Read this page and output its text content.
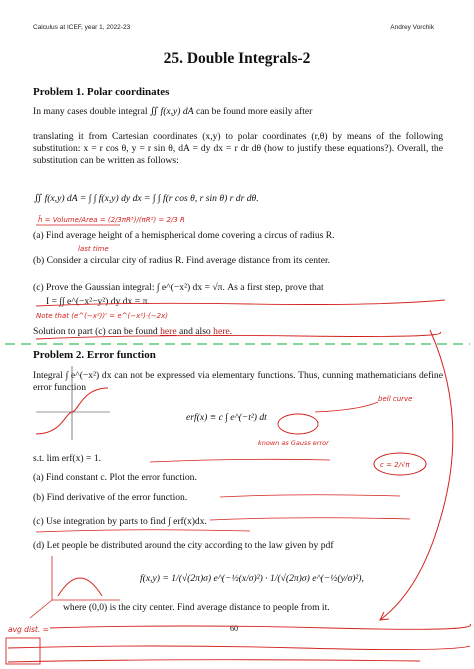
Calculus at ICEF, year 1, 2022-23	Andrey Vorchik
25. Double Integrals-2
Problem 1. Polar coordinates
In many cases double integral ∬ f(x,y) dA can be found more easily after
translating it from Cartesian coordinates (x,y) to polar coordinates (r,θ) by means of the following substitution: x = r cos θ, y = r sin θ, dA = dy dx = r dr dθ (how to justify these equations?). Overall, the substitution can be written as follows:
∬ f(x,y) dA = ∫ ∫ f(x,y) dy dx = ∫ ∫ f(r cos θ, r sin θ) r dr dθ.
(a) Find average height of a hemispherical dome covering a circus of radius R.
(b) Consider a circular city of radius R. Find average distance from its center.
(c) Prove the Gaussian integral: ∫ e^(−x²) dx = √π. As a first step, prove that
I = ∫∫ e^(−x²−y²) dy dx = π.
Solution to part (c) can be found here and also here.
Problem 2. Error function
Integral ∫ e^(−x²) dx can not be expressed via elementary functions. Thus, cunning mathematicians define error function
erf(x) ≡ c ∫ e^(−t²) dt
s.t. lim erf(x) = 1.
(a) Find constant c. Plot the error function.
(b) Find derivative of the error function.
(c) Use integration by parts to find ∫ erf(x)dx.
(d) Let people be distributed around the city according to the law given by pdf
f(x,y) = 1/(√(2π)σ) e^(−½(x/σ)²) · 1/(√(2π)σ) e^(−½(y/σ)²),
where (0,0) is the city center. Find average distance to people from it.
60
h̄ = Volume/Area = (2/3πR³)/(πR²) = 2/3 R
last time
Note that (e^(−x²))' = e^(−x²)·(−2x)
bell curve
known as Gauss error
c = 2/√π
avg dist. =
